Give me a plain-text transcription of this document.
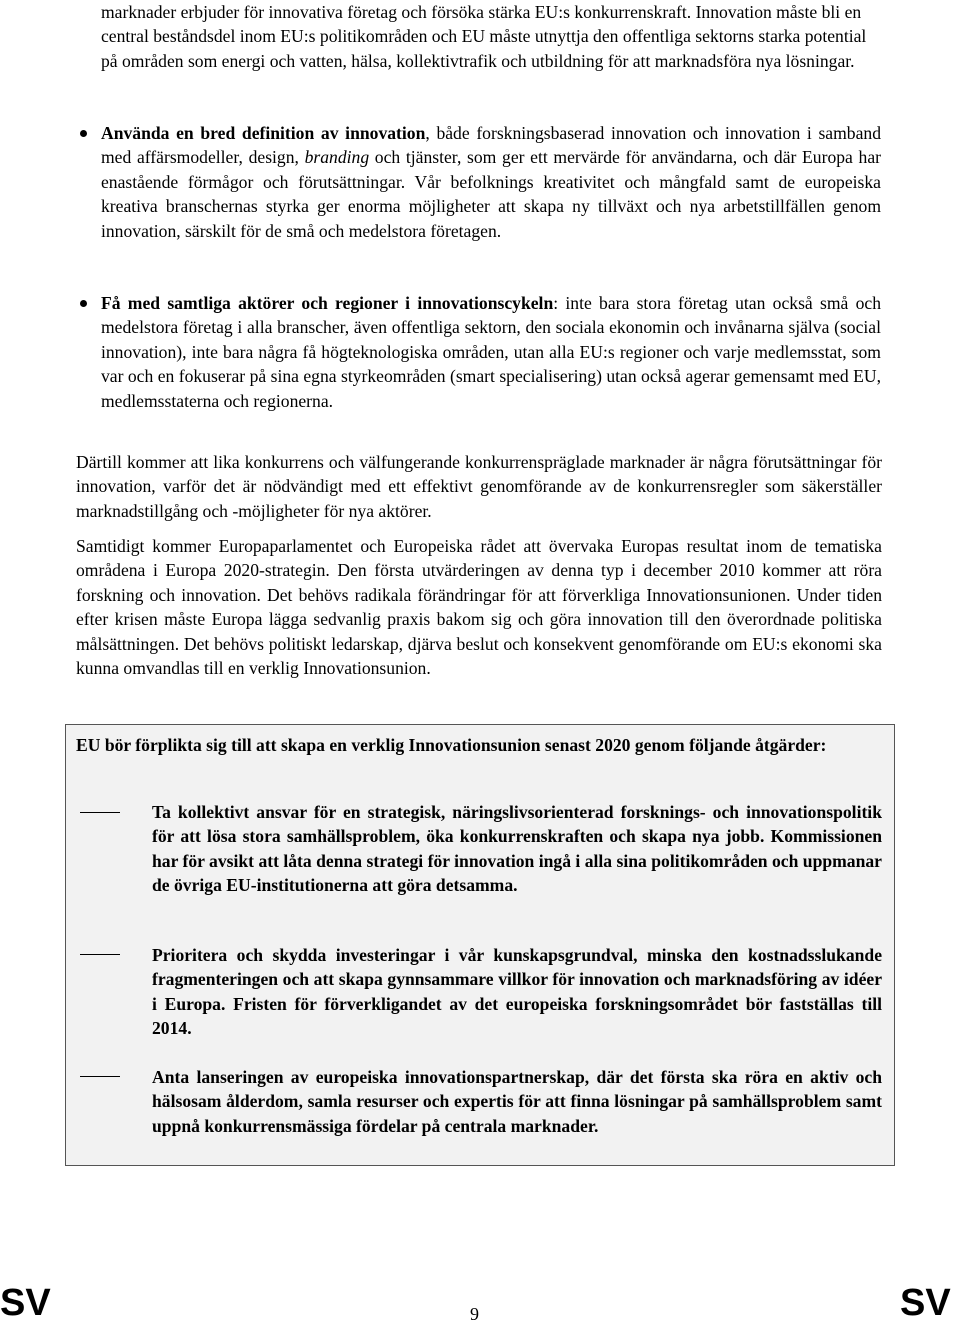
marknader erbjuder för innovativa företag och försöka stärka EU:s konkurrenskraft. Innovation måste bli en central beståndsdel inom EU:s politikområden och EU måste utnyttja den offentliga sektorns starka potential på områden som energi och vatten, hälsa, kollektivtrafik och utbildning för att marknadsföra nya lösningar.

Använda en bred definition av innovation, både forskningsbaserad innovation och innovation i samband med affärsmodeller, design, branding och tjänster, som ger ett mervärde för användarna, och där Europa har enastående förmågor och förutsättningar. Vår befolknings kreativitet och mångfald samt de europeiska kreativa branschernas styrka ger enorma möjligheter att skapa ny tillväxt och nya arbetstillfällen genom innovation, särskilt för de små och medelstora företagen.

Få med samtliga aktörer och regioner i innovationscykeln: inte bara stora företag utan också små och medelstora företag i alla branscher, även offentliga sektorn, den sociala ekonomin och invånarna själva (social innovation), inte bara några få högteknologiska områden, utan alla EU:s regioner och varje medlemsstat, som var och en fokuserar på sina egna styrkeområden (smart specialisering) utan också agerar gemensamt med EU, medlemsstaterna och regionerna.

Därtill kommer att lika konkurrens och välfungerande konkurrenspräglade marknader är några förutsättningar för innovation, varför det är nödvändigt med ett effektivt genomförande av de konkurrensregler som säkerställer marknadstillgång och -möjligheter för nya aktörer.

Samtidigt kommer Europaparlamentet och Europeiska rådet att övervaka Europas resultat inom de tematiska områdena i Europa 2020-strategin. Den första utvärderingen av denna typ i december 2010 kommer att röra forskning och innovation. Det behövs radikala förändringar för att förverkliga Innovationsunionen. Under tiden efter krisen måste Europa lägga sedvanlig praxis bakom sig och göra innovation till den överordnade politiska målsättningen. Det behövs politiskt ledarskap, djärva beslut och konsekvent genomförande om EU:s ekonomi ska kunna omvandlas till en verklig Innovationsunion.

EU bör förplikta sig till att skapa en verklig Innovationsunion senast 2020 genom följande åtgärder:

Ta kollektivt ansvar för en strategisk, näringslivsorienterad forsknings- och innovationspolitik för att lösa stora samhällsproblem, öka konkurrenskraften och skapa nya jobb. Kommissionen har för avsikt att låta denna strategi för innovation ingå i alla sina politikområden och uppmanar de övriga EU-institutionerna att göra detsamma.

Prioritera och skydda investeringar i vår kunskapsgrundval, minska den kostnadsslukande fragmenteringen och att skapa gynnsammare villkor för innovation och marknadsföring av idéer i Europa. Fristen för förverkligandet av det europeiska forskningsområdet bör fastställas till 2014.

Anta lanseringen av europeiska innovationspartnerskap, där det första ska röra en aktiv och hälsosam ålderdom, samla resurser och expertis för att finna lösningar på samhällsproblem samt uppnå konkurrensmässiga fördelar på centrala marknader.

SV	9	SV
